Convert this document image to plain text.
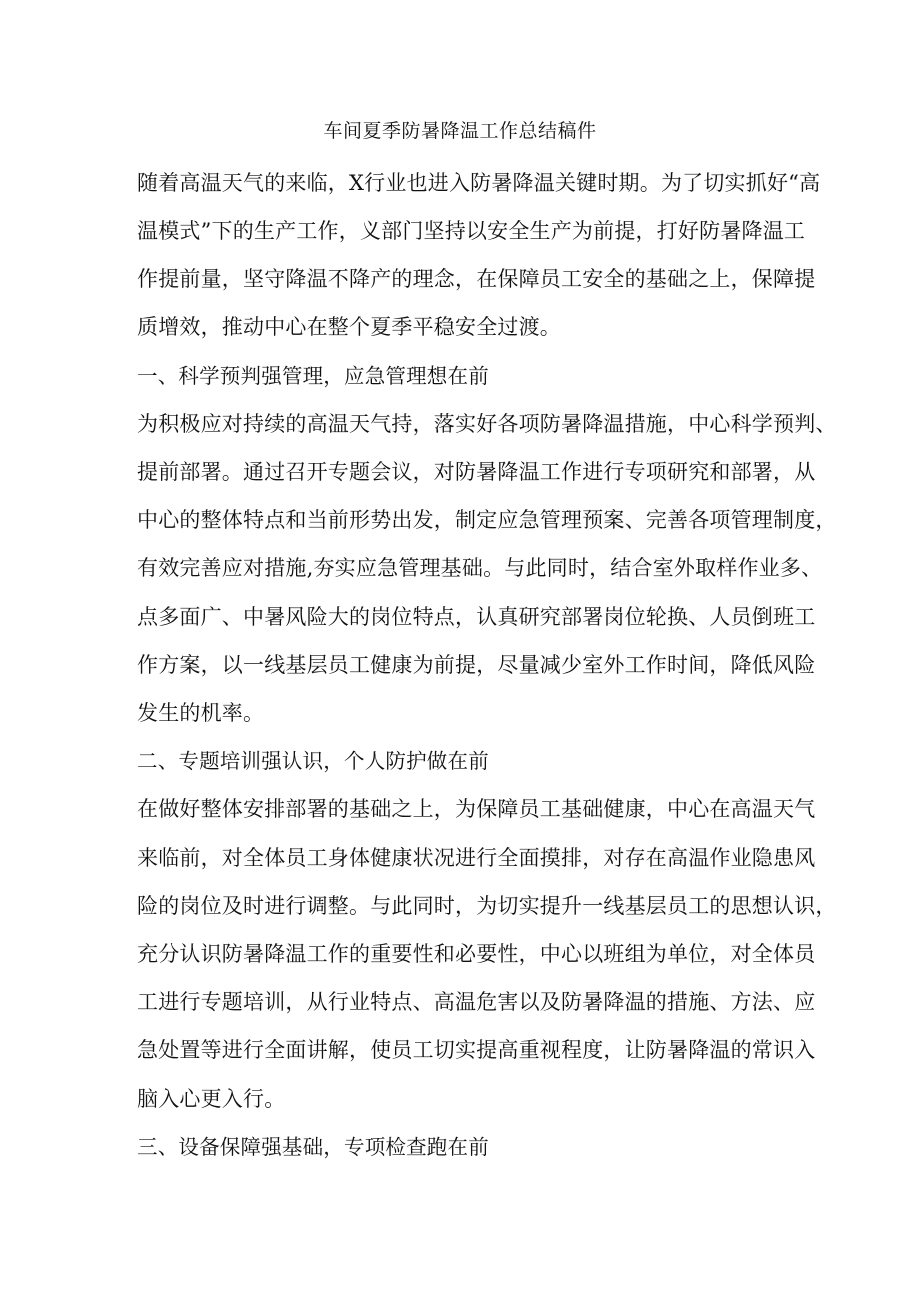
车间夏季防暑降温工作总结稿件
随着高温天气的来临，X行业也进入防暑降温关键时期。为了切实抓好“高
温模式”下的生产工作，义部门坚持以安全生产为前提，打好防暑降温工
作提前量，坚守降温不降产的理念，在保障员工安全的基础之上，保障提
质增效，推动中心在整个夏季平稳安全过渡。
一、科学预判强管理，应急管理想在前
为积极应对持续的高温天气持，落实好各项防暑降温措施，中心科学预判、
提前部署。通过召开专题会议，对防暑降温工作进行专项研究和部署，从
中心的整体特点和当前形势出发，制定应急管理预案、完善各项管理制度，
有效完善应对措施,夯实应急管理基础。与此同时，结合室外取样作业多、
点多面广、中暑风险大的岗位特点，认真研究部署岗位轮换、人员倒班工
作方案，以一线基层员工健康为前提，尽量减少室外工作时间，降低风险
发生的机率。
二、专题培训强认识，个人防护做在前
在做好整体安排部署的基础之上，为保障员工基础健康，中心在高温天气
来临前，对全体员工身体健康状况进行全面摸排，对存在高温作业隐患风
险的岗位及时进行调整。与此同时，为切实提升一线基层员工的思想认识，
充分认识防暑降温工作的重要性和必要性，中心以班组为单位，对全体员
工进行专题培训，从行业特点、高温危害以及防暑降温的措施、方法、应
急处置等进行全面讲解，使员工切实提高重视程度，让防暑降温的常识入
脑入心更入行。
三、设备保障强基础，专项检查跑在前
